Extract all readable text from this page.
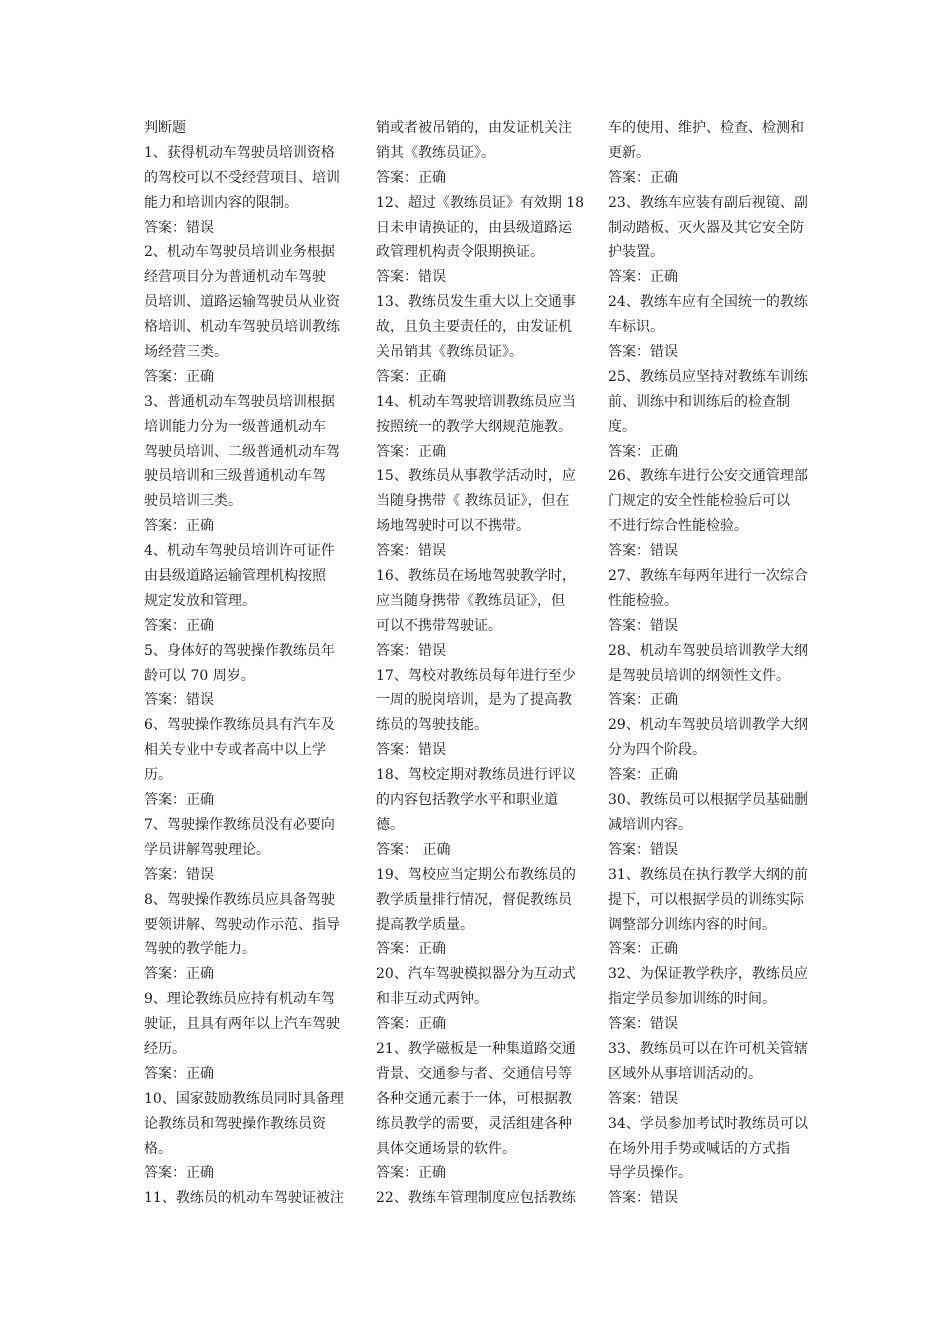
判断题
1、获得机动车驾驶员培训资格
的驾校可以不受经营项目、培训
能力和培训内容的限制。
答案：错误
2、机动车驾驶员培训业务根据
经营项目分为普通机动车驾驶
员培训、道路运输驾驶员从业资
格培训、机动车驾驶员培训教练
场经营三类。
答案：正确
3、普通机动车驾驶员培训根据
培训能力分为一级普通机动车
驾驶员培训、二级普通机动车驾
驶员培训和三级普通机动车驾
驶员培训三类。
答案：正确
4、机动车驾驶员培训许可证件
由县级道路运输管理机构按照
规定发放和管理。
答案：正确
5、身体好的驾驶操作教练员年
龄可以 70 周岁。
答案：错误
6、驾驶操作教练员具有汽车及
相关专业中专或者高中以上学
历。
答案：正确
7、驾驶操作教练员没有必要向
学员讲解驾驶理论。
答案：错误
8、驾驶操作教练员应具备驾驶
要领讲解、驾驶动作示范、指导
驾驶的教学能力。
答案：正确
9、理论教练员应持有机动车驾
驶证，且具有两年以上汽车驾驶
经历。
答案：正确
10、国家鼓励教练员同时具备理
论教练员和驾驶操作教练员资
格。
答案：正确
11、教练员的机动车驾驶证被注
销或者被吊销的，由发证机关注
销其《教练员证》。
答案：正确
12、超过《教练员证》有效期 18
日未申请换证的，由县级道路运
政管理机构责令限期换证。
答案：错误
13、教练员发生重大以上交通事
故，且负主要责任的，由发证机
关吊销其《教练员证》。
答案：正确
14、机动车驾驶培训教练员应当
按照统一的教学大纲规范施教。
答案：正确
15、教练员从事教学活动时，应
当随身携带《 教练员证》，但在
场地驾驶时可以不携带。
答案：错误
16、教练员在场地驾驶教学时，
应当随身携带《教练员证》，但
可以不携带驾驶证。
答案：错误
17、驾校对教练员每年进行至少
一周的脱岗培训，是为了提高教
练员的驾驶技能。
答案：错误
18、驾校定期对教练员进行评议
的内容包括教学水平和职业道
德。
答案： 正确
19、驾校应当定期公布教练员的
教学质量排行情况，督促教练员
提高教学质量。
答案：正确
20、汽车驾驶模拟器分为互动式
和非互动式两钟。
答案：正确
21、教学磁板是一种集道路交通
背景、交通参与者、交通信号等
各种交通元素于一体，可根据教
练员教学的需要，灵活组建各种
具体交通场景的软件。
答案：正确
22、教练车管理制度应包括教练
车的使用、维护、检查、检测和
更新。
答案：正确
23、教练车应装有副后视镜、副
制动踏板、灭火器及其它安全防
护装置。
答案：正确
24、教练车应有全国统一的教练
车标识。
答案：错误
25、教练员应坚持对教练车训练
前、训练中和训练后的检查制
度。
答案：正确
26、教练车进行公安交通管理部
门规定的安全性能检验后可以
不进行综合性能检验。
答案：错误
27、教练车每两年进行一次综合
性能检验。
答案：错误
28、机动车驾驶员培训教学大纲
是驾驶员培训的纲领性文件。
答案：正确
29、机动车驾驶员培训教学大纲
分为四个阶段。
答案：正确
30、教练员可以根据学员基础删
减培训内容。
答案：错误
31、教练员在执行教学大纲的前
提下，可以根据学员的训练实际
调整部分训练内容的时间。
答案：正确
32、为保证教学秩序，教练员应
指定学员参加训练的时间。
答案：错误
33、教练员可以在许可机关管辖
区域外从事培训活动的。
答案：错误
34、学员参加考试时教练员可以
在场外用手势或喊话的方式指
导学员操作。
答案：错误
